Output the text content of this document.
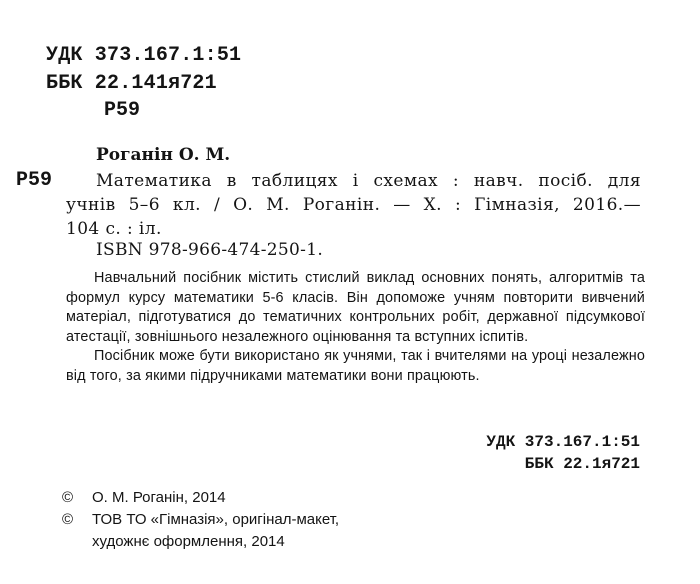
УДК 373.167.1:51
ББК 22.141я721
Р59
Роганін О. М.
Р59	Математика в таблицях і схемах : навч. посіб. для
учнів 5–6 кл. / О. М. Роганін. — Х. : Гімназія, 2016.—
104 с. : іл.
ISBN 978-966-474-250-1.

Навчальний посібник містить стислий виклад основних понять, алгоритмів та формул курсу математики 5-6 класів. Він допоможе учням повторити вивчений матеріал, підготуватися до тематичних контрольних робіт, державної підсумкової атестації, зовнішнього незалежного оцінювання та вступних іспитів.

Посібник може бути використано як учнями, так і вчителями на уроці незалежно від того, за якими підручниками математики вони працюють.

УДК 373.167.1:51
ББК 22.1я721
© О. М. Роганін, 2014
© ТОВ ТО «Гімназія», оригінал-макет,
художнє оформлення, 2014
